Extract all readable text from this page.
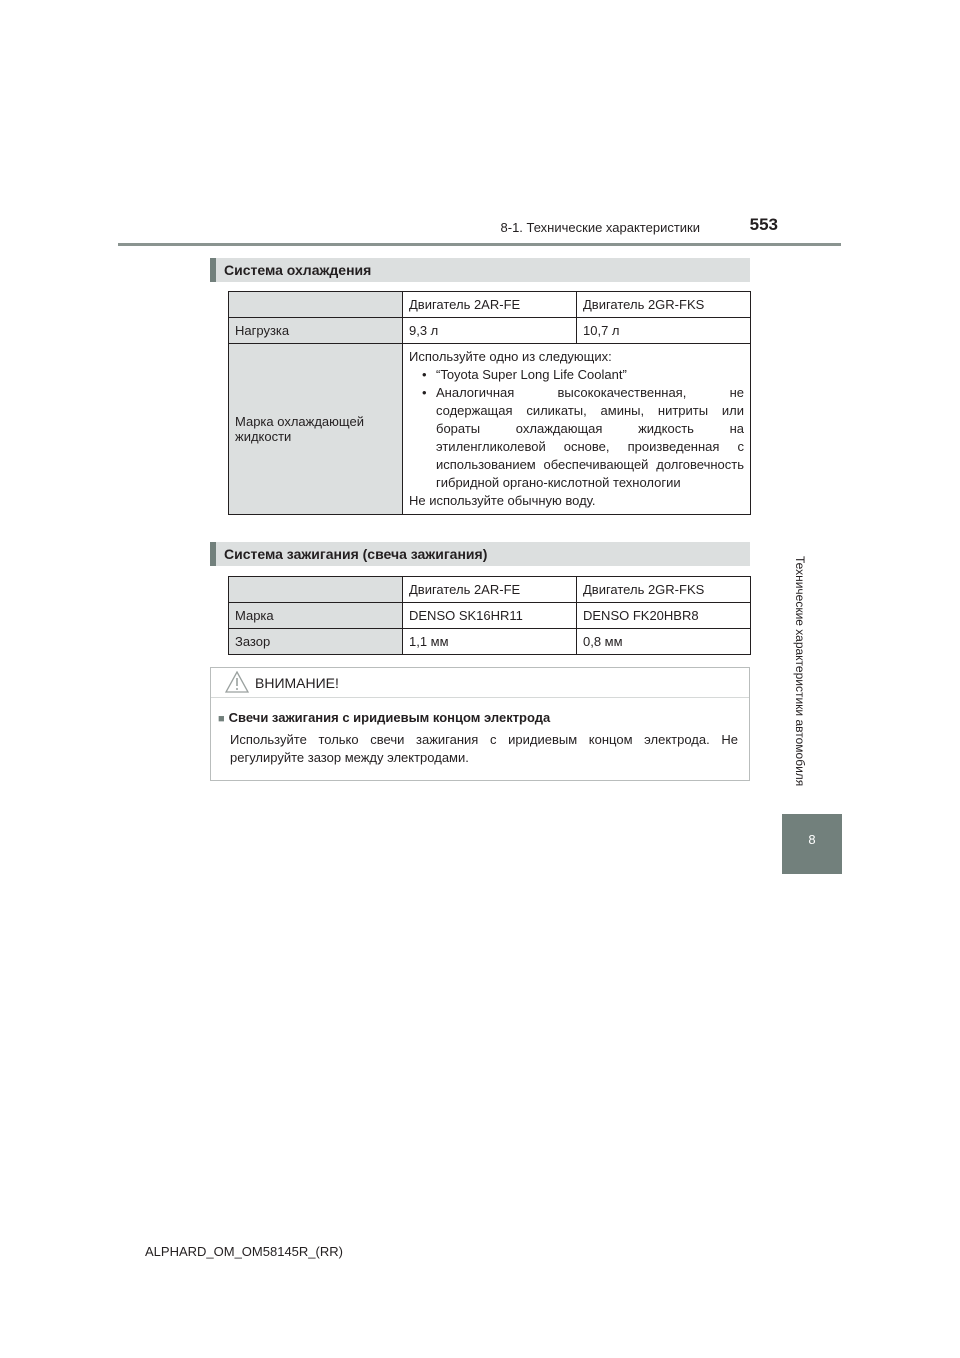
8-1. Технические характеристики	553
Технические характеристики автомобиля
8
Система охлаждения
	Двигатель 2AR-FE	Двигатель 2GR-FKS
Нагрузка	9,3 л	10,7 л
Марка охлаждающей жидкости	Используйте одно из следующих:
• “Toyota Super Long Life Coolant”
• Аналогичная высококачественная, не содержащая силикаты, амины, нитриты или бораты охлаждающая жидкость на этиленгликолевой основе, произведенная с использованием обеспечивающей долговечность гибридной органо-кислотной технологии
Не используйте обычную воду.
Система зажигания (свеча зажигания)
	Двигатель 2AR-FE	Двигатель 2GR-FKS
Марка	DENSO SK16HR11	DENSO FK20HBR8
Зазор	1,1 мм	0,8 мм
ВНИМАНИЕ!
■ Свечи зажигания с иридиевым концом электрода
Используйте только свечи зажигания с иридиевым концом электрода. Не регулируйте зазор между электродами.
ALPHARD_OM_OM58145R_(RR)
